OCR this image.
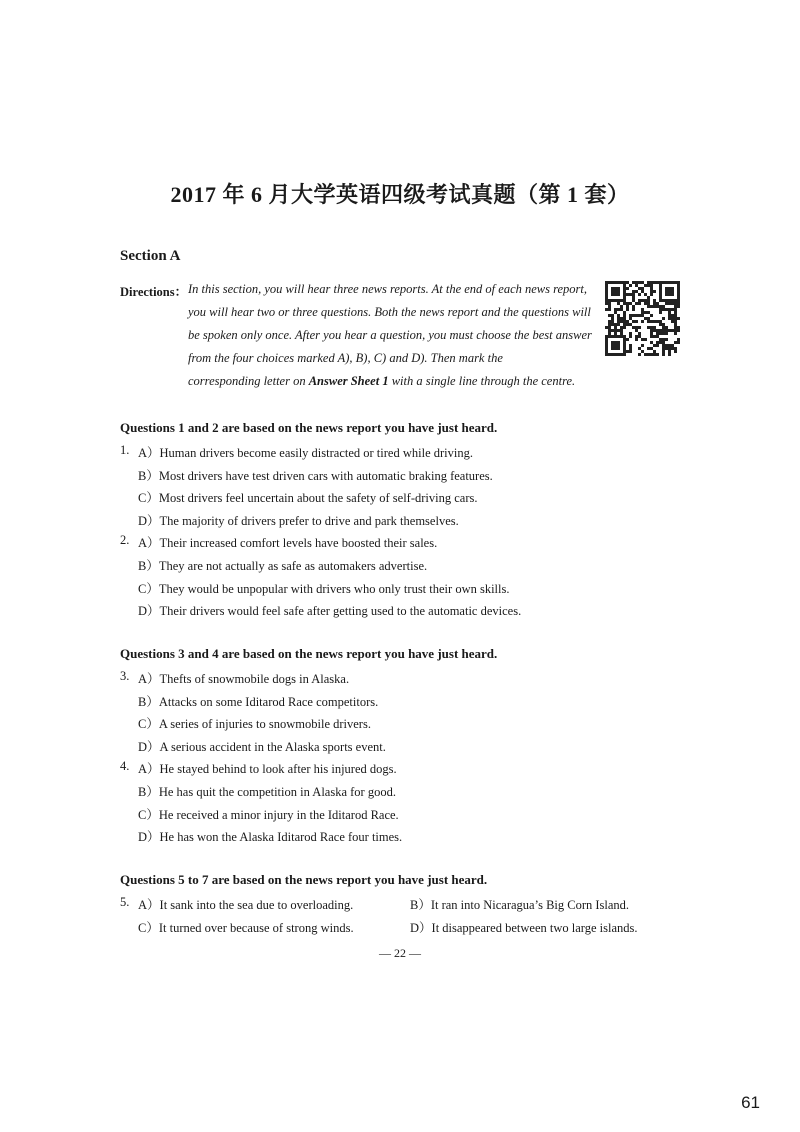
2017 年 6 月大学英语四级考试真题（第 1 套）
Section A
Directions： In this section, you will hear three news reports. At the end of each news report,
you will hear two or three questions. Both the news report and the questions will
be spoken only once. After you hear a question, you must choose the best answer
from the four choices marked A), B), C) and D). Then mark the
corresponding letter on Answer Sheet 1 with a single line through the centre.
Questions 1 and 2 are based on the news report you have just heard.
1. A）Human drivers become easily distracted or tired while driving.
B）Most drivers have test driven cars with automatic braking features.
C）Most drivers feel uncertain about the safety of self-driving cars.
D）The majority of drivers prefer to drive and park themselves.
2. A）Their increased comfort levels have boosted their sales.
B）They are not actually as safe as automakers advertise.
C）They would be unpopular with drivers who only trust their own skills.
D）Their drivers would feel safe after getting used to the automatic devices.
Questions 3 and 4 are based on the news report you have just heard.
3. A）Thefts of snowmobile dogs in Alaska.
B）Attacks on some Iditarod Race competitors.
C）A series of injuries to snowmobile drivers.
D）A serious accident in the Alaska sports event.
4. A）He stayed behind to look after his injured dogs.
B）He has quit the competition in Alaska for good.
C）He received a minor injury in the Iditarod Race.
D）He has won the Alaska Iditarod Race four times.
Questions 5 to 7 are based on the news report you have just heard.
5. A）It sank into the sea due to overloading.	B）It ran into Nicaragua’s Big Corn Island.
C）It turned over because of strong winds.	D）It disappeared between two large islands.
— 22 —
61
